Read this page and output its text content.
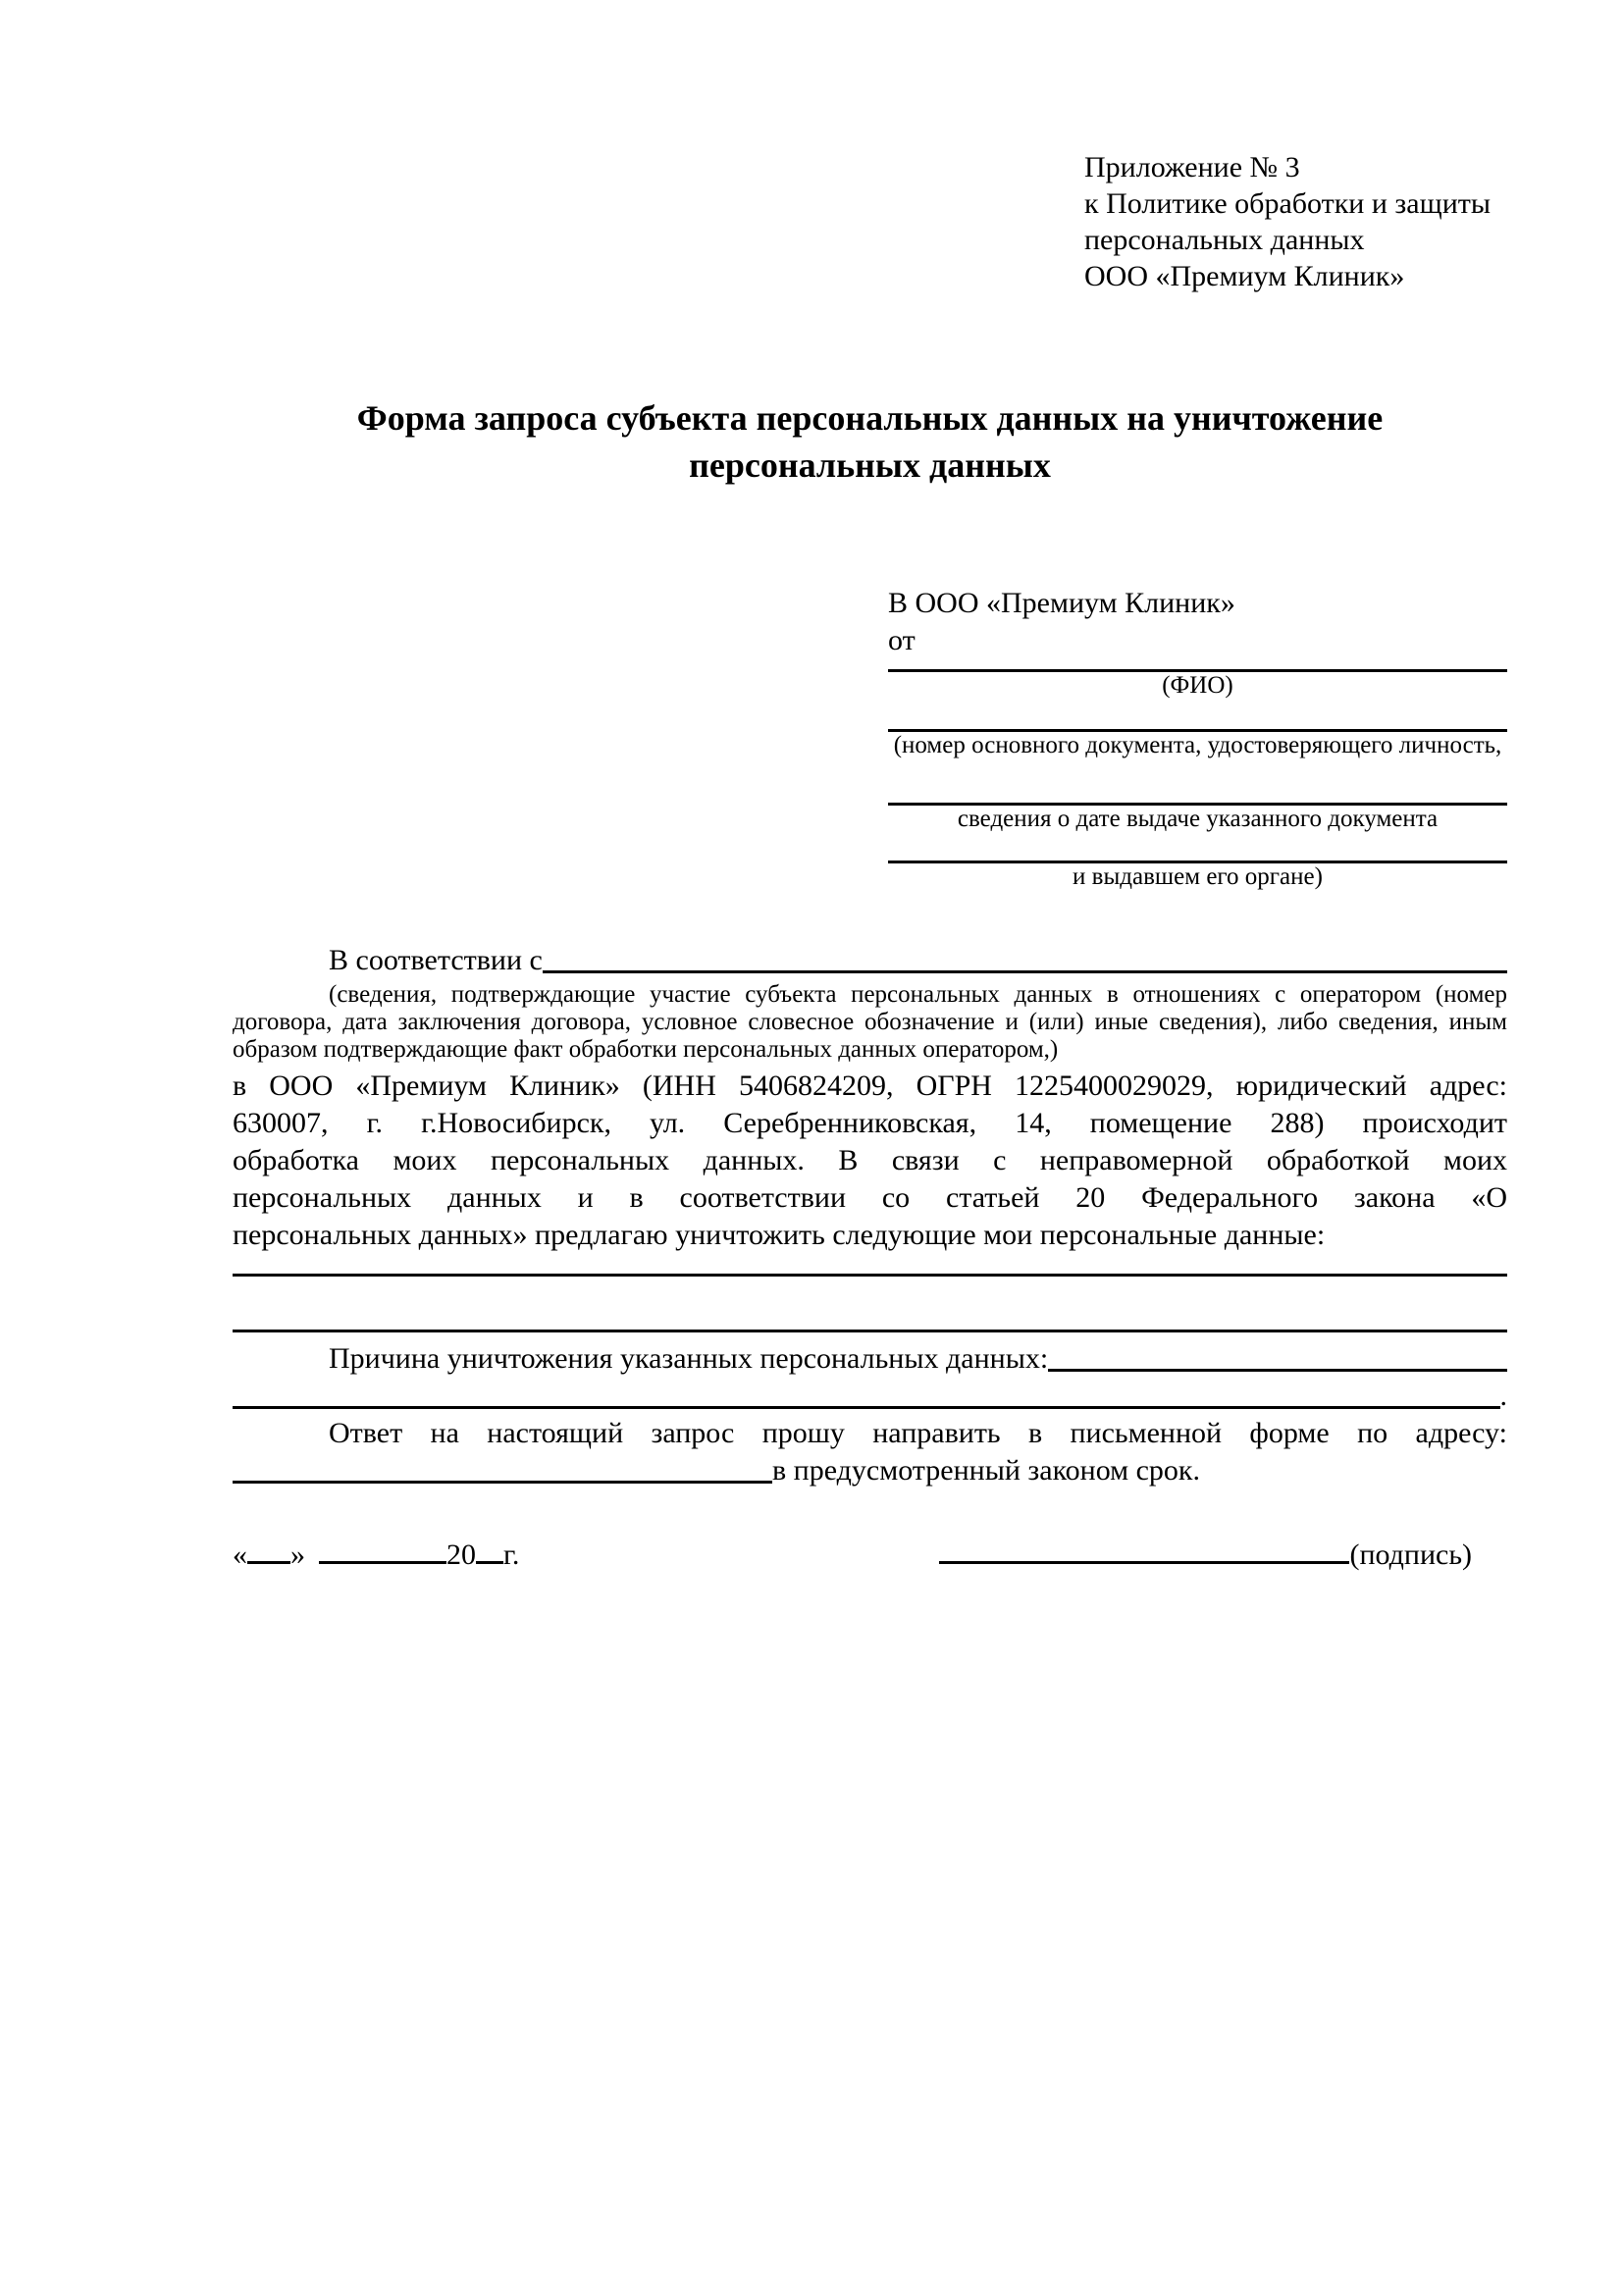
Приложение № 3
к Политике обработки и защиты
персональных данных
ООО «Премиум Клиник»
Форма запроса субъекта персональных данных на уничтожение
персональных данных
В ООО «Премиум Клиник»
от
(ФИО)
(номер основного документа, удостоверяющего личность,
сведения о дате выдаче указанного документа
и выдавшем его органе)
В соответствии с
(сведения, подтверждающие участие субъекта персональных данных в отношениях с оператором (номер договора, дата заключения договора, условное словесное обозначение и (или) иные сведения), либо сведения, иным образом подтверждающие факт обработки персональных данных оператором,)
в ООО «Премиум Клиник» (ИНН 5406824209, ОГРН 1225400029029, юридический адрес:
630007, г. г.Новосибирск, ул. Серебренниковская, 14, помещение 288) происходит
обработка моих персональных данных. В связи с неправомерной обработкой моих
персональных данных и в соответствии со статьей 20 Федерального закона «О
персональных данных» предлагаю уничтожить следующие мои персональные данные:
Причина уничтожения указанных персональных данных:
.
Ответ на настоящий запрос прошу направить в письменной форме по адресу:
в предусмотренный законом срок.
« »	20 г.	(подпись)
